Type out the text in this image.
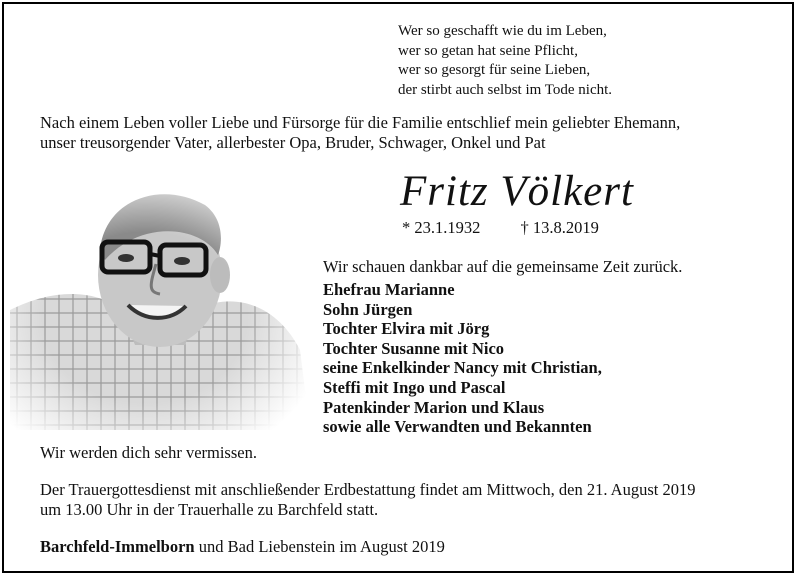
Wer so geschafft wie du im Leben,
wer so getan hat seine Pflicht,
wer so gesorgt für seine Lieben,
der stirbt auch selbst im Tode nicht.
Nach einem Leben voller Liebe und Fürsorge für die Familie entschlief mein geliebter Ehemann,
unser treusorgender Vater, allerbester Opa, Bruder, Schwager, Onkel und Pat
Fritz Völkert
* 23.1.1932 † 13.8.2019
Wir schauen dankbar auf die gemeinsame Zeit zurück.
Ehefrau Marianne
Sohn Jürgen
Tochter Elvira mit Jörg
Tochter Susanne mit Nico
seine Enkelkinder Nancy mit Christian,
Steffi mit Ingo und Pascal
Patenkinder Marion und Klaus
sowie alle Verwandten und Bekannten
Wir werden dich sehr vermissen.
Der Trauergottesdienst mit anschließender Erdbestattung findet am Mittwoch, den 21. August 2019
um 13.00 Uhr in der Trauerhalle zu Barchfeld statt.
Barchfeld-Immelborn und Bad Liebenstein im August 2019
